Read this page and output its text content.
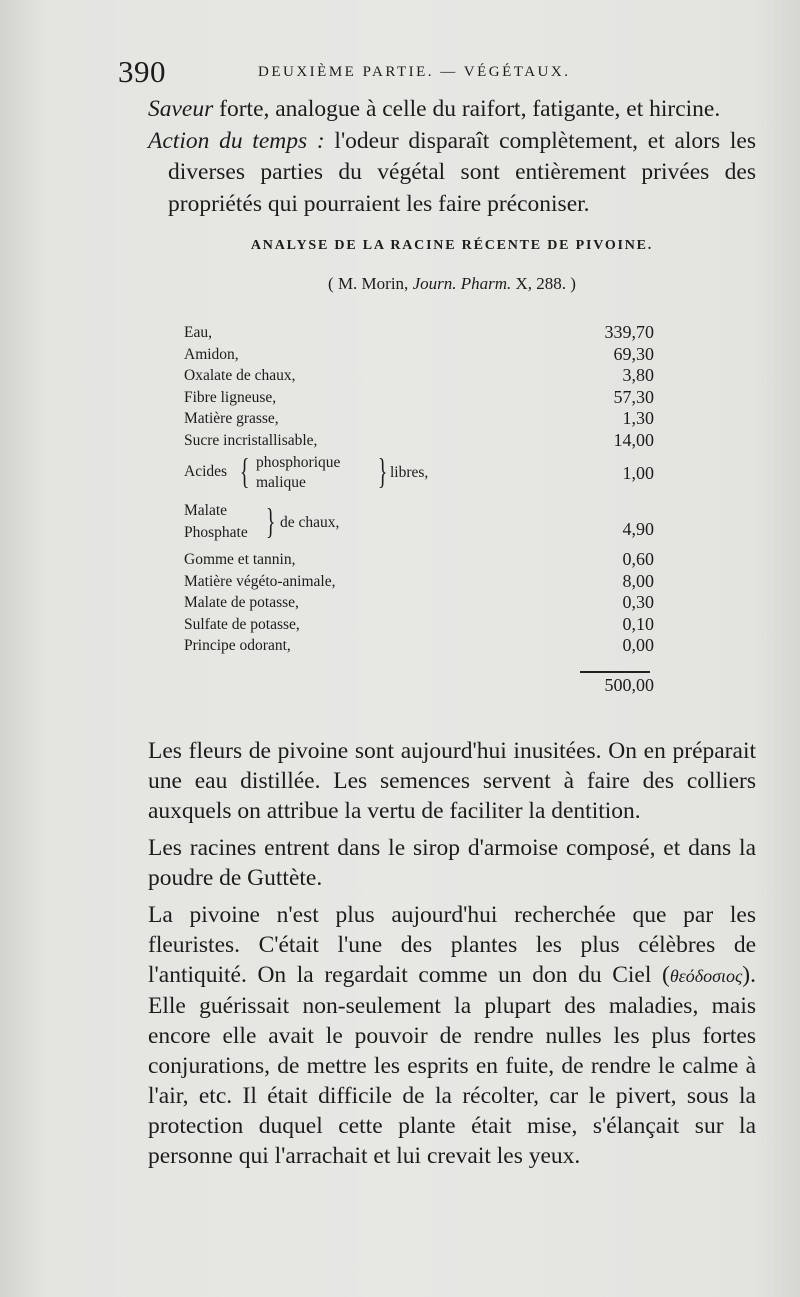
390	DEUXIÈME PARTIE. — VÉGÉTAUX.

Saveur forte, analogue à celle du raifort, fatigante, et hircine.

Action du temps : l'odeur disparaît complètement, et alors les diverses parties du végétal sont entièrement privées des propriétés qui pourraient les faire préconiser.

ANALYSE DE LA RACINE RÉCENTE DE PIVOINE.
( M. Morin, Journ. Pharm. X, 288. )
Eau,	339,70
Amidon,	69,30
Oxalate de chaux,	3,80
Fibre ligneuse,	57,30
Matière grasse,	1,30
Sucre incristallisable,	14,00
Acides { phosphorique
malique } libres,	1,00
Malate
Phosphate } de chaux,	4,90
Gomme et tannin,	0,60
Matière végéto-animale,	8,00
Malate de potasse,	0,30
Sulfate de potasse,	0,10
Principe odorant,	0,00
500,00

Les fleurs de pivoine sont aujourd'hui inusitées. On en préparait une eau distillée. Les semences servent à faire des colliers auxquels on attribue la vertu de faciliter la dentition.

Les racines entrent dans le sirop d'armoise composé, et dans la poudre de Guttète.

La pivoine n'est plus aujourd'hui recherchée que par les fleuristes. C'était l'une des plantes les plus célèbres de l'antiquité. On la regardait comme un don du Ciel (θεόδοσιος). Elle guérissait non-seulement la plupart des maladies, mais encore elle avait le pouvoir de rendre nulles les plus fortes conjurations, de mettre les esprits en fuite, de rendre le calme à l'air, etc. Il était difficile de la récolter, car le pivert, sous la protection duquel cette plante était mise, s'élançait sur la personne qui l'arrachait et lui crevait les yeux.
